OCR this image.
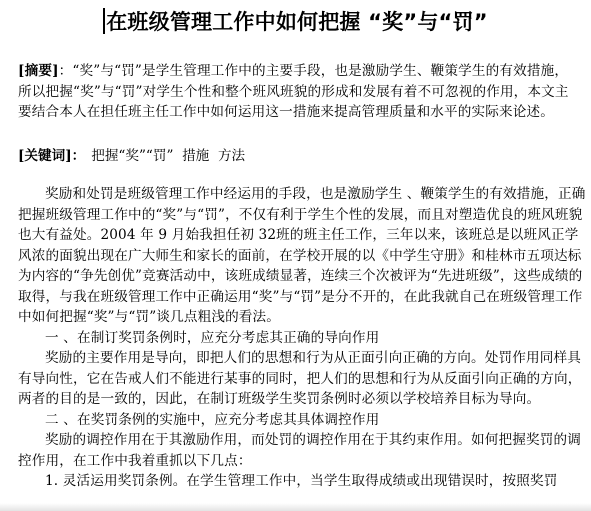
在班级管理工作中如何把握 “奖”与“罚”
[摘要]：“奖”与“罚”是学生管理工作中的主要手段，也是激励学生、鞭策学生的有效措施，所以把握“奖”与“罚”对学生个性和整个班风班貌的形成和发展有着不可忽视的作用，本文主要结合本人在担任班主任工作中如何运用这一措施来提高管理质量和水平的实际来论述。
[关键词]： 把握“奖”“罚” 措施 方法

奖励和处罚是班级管理工作中经运用的手段，也是激励学生 、鞭策学生的有效措施，正确把握班级管理工作中的“奖”与“罚”，不仅有利于学生个性的发展，而且对塑造优良的班风班貌也大有益处。2004 年 9 月始我担任初 32班的班主任工作，三年以来，该班总是以班风正学风浓的面貌出现在广大师生和家长的面前，在学校开展的以《中学生守册》和桂林市五项达标为内容的“争先创优”竞赛活动中，该班成绩显著，连续三个次被评为“先进班级”，这些成绩的取得，与我在班级管理工作中正确运用“奖”与“罚”是分不开的，在此我就自己在班级管理工作中如何把握“奖”与“罚”谈几点粗浅的看法。

一 、在制订奖罚条例时，应充分考虑其正确的导向作用

奖励的主要作用是导向，即把人们的思想和行为从正面引向正确的方向。处罚作用同样具有导向性，它在告戒人们不能进行某事的同时，把人们的思想和行为从反面引向正确的方向，两者的目的是一致的，因此，在制订班级学生奖罚条例时必须以学校培养目标为导向。

二 、在奖罚条例的实施中，应充分考虑其具体调控作用

奖励的调控作用在于其激励作用，而处罚的调控作用在于其约束作用。如何把握奖罚的调控作用，在工作中我着重抓以下几点：

1. 灵活运用奖罚条例。在学生管理工作中，当学生取得成绩或出现错误时，按照奖罚
